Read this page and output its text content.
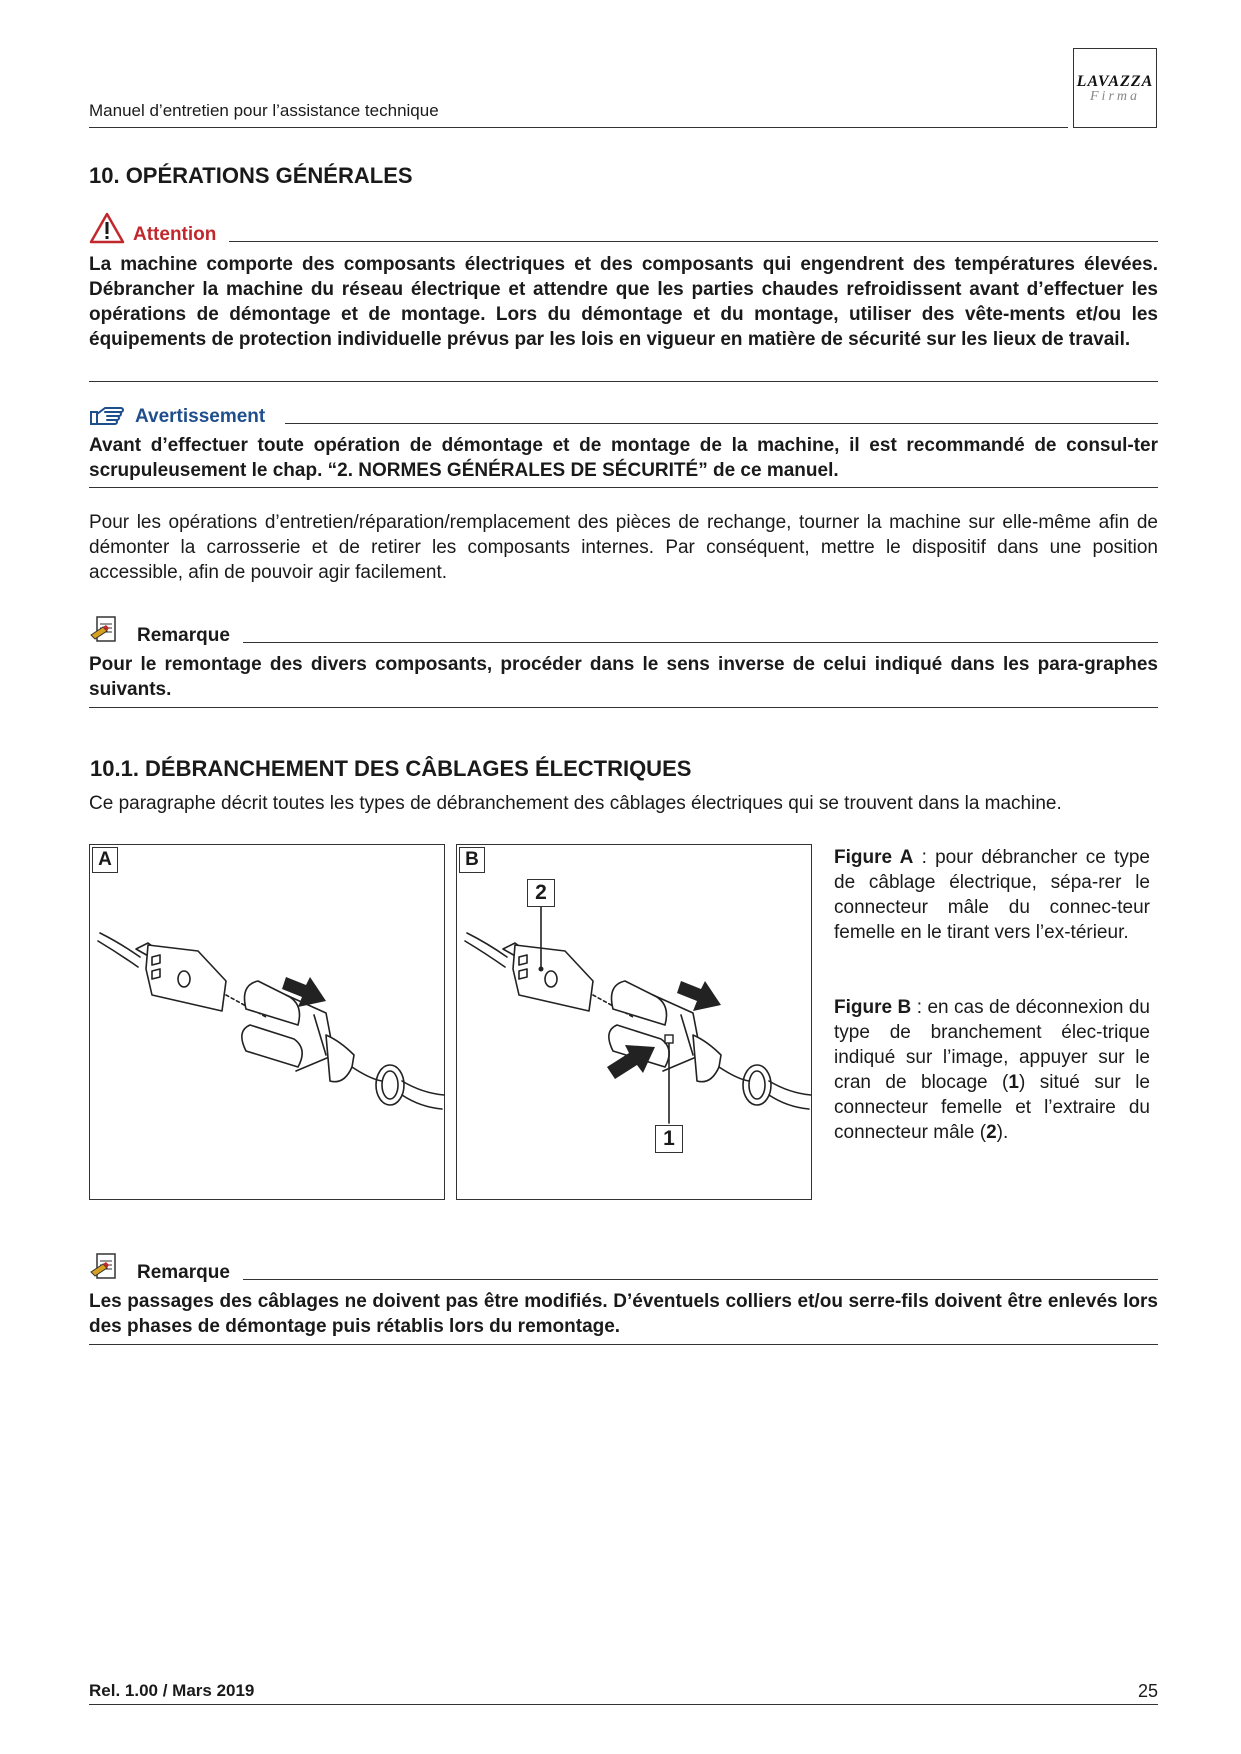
Manuel d’entretien pour l’assistance technique
LAVAZZA
Firma
10. OPÉRATIONS GÉNÉRALES
Attention
La machine comporte des composants électriques et des composants qui engendrent des températures élevées. Débrancher la machine du réseau électrique et attendre que les parties chaudes refroidissent avant d’effectuer les opérations de démontage et de montage. Lors du démontage et du montage, utiliser des vête-ments et/ou les équipements de protection individuelle prévus par les lois en vigueur en matière de sécurité sur les lieux de travail.
Avertissement
Avant d’effectuer toute opération de démontage et de montage de la machine, il est recommandé de consul-ter scrupuleusement le chap. “2. NORMES GÉNÉRALES DE SÉCURITÉ” de ce manuel.
Pour les opérations d’entretien/réparation/remplacement des pièces de rechange, tourner la machine sur elle-même afin de démonter la carrosserie et de retirer les composants internes. Par conséquent, mettre le dispositif dans une position accessible, afin de pouvoir agir facilement.
Remarque
Pour le remontage des divers composants, procéder dans le sens inverse de celui indiqué dans les para-graphes suivants.
10.1. DÉBRANCHEMENT DES CÂBLAGES ÉLECTRIQUES
Ce paragraphe décrit toutes les types de débranchement des câblages électriques qui se trouvent dans la machine.
A	B
2
1
Figure A : pour débrancher ce type de câblage électrique, sépa-rer le connecteur mâle du connec-teur femelle en le tirant vers l’ex-térieur.
Figure B : en cas de déconnexion du type de branchement élec-trique indiqué sur l’image, appuyer sur le cran de blocage (1) situé sur le connecteur femelle et l’extraire du connecteur mâle (2).
Remarque
Les passages des câblages ne doivent pas être modifiés. D’éventuels colliers et/ou serre-fils doivent être enlevés lors des phases de démontage puis rétablis lors du remontage.
Rel. 1.00 / Mars 2019	25
